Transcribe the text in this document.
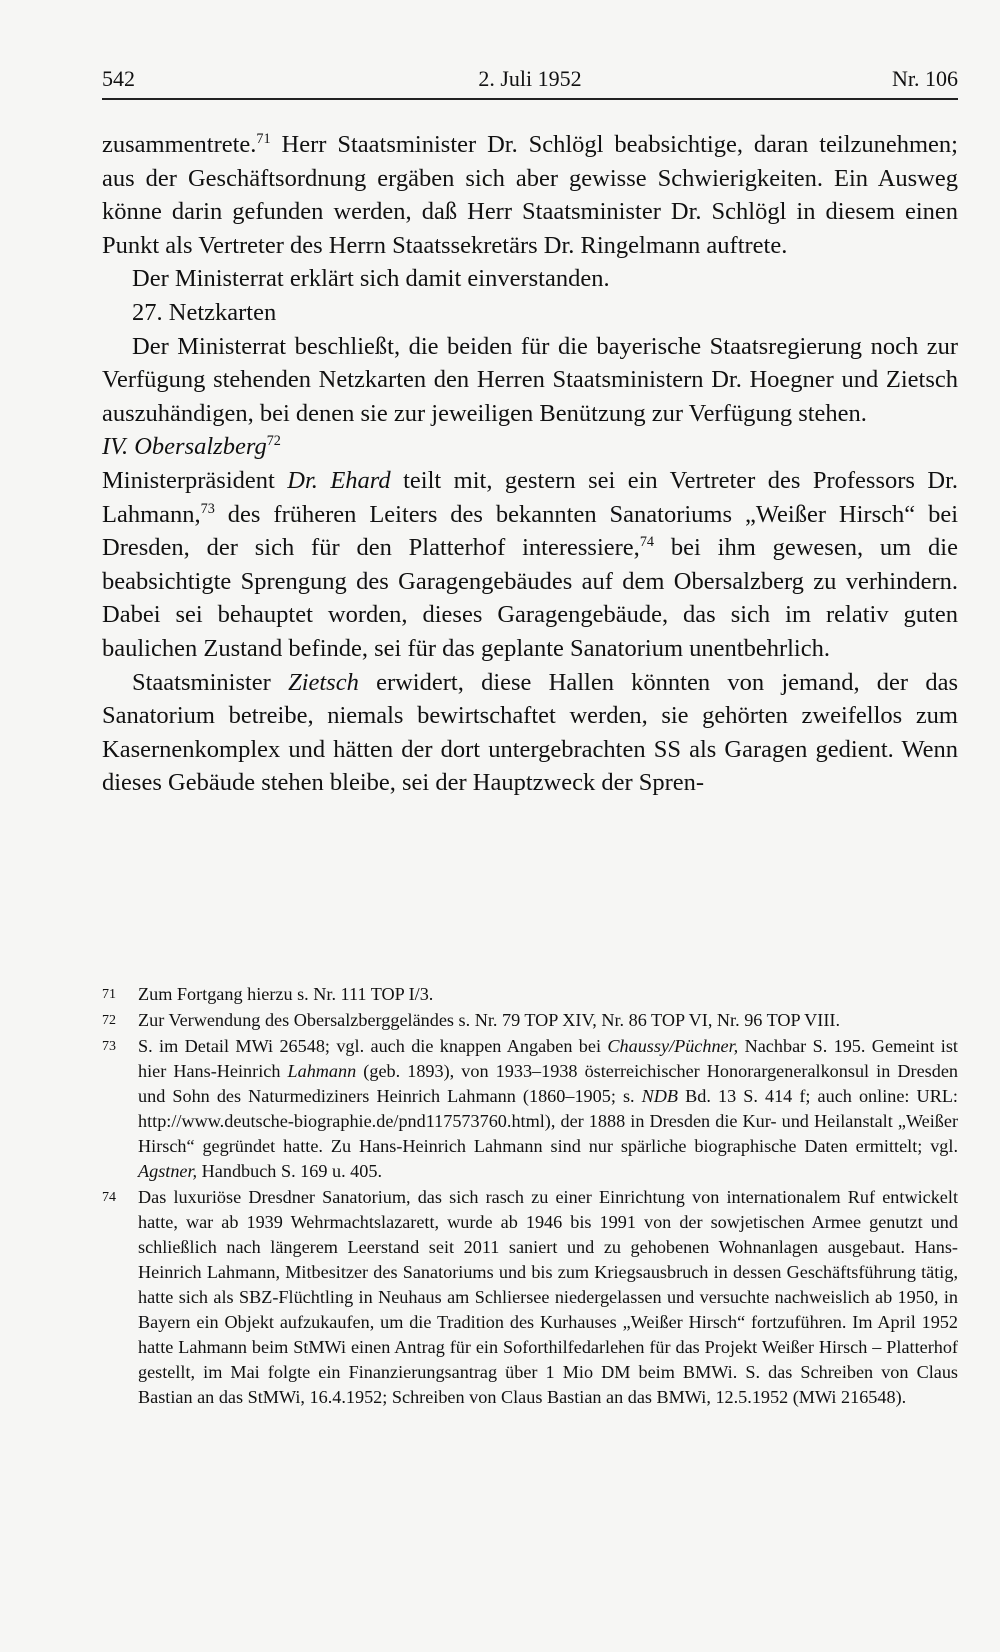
542	2. Juli 1952	Nr. 106

zusammentrete.$^{71}$ Herr Staatsminister Dr. Schlögl beabsichtige, daran teilzunehmen; aus der Geschäftsordnung ergäben sich aber gewisse Schwierigkeiten. Ein Ausweg könne darin gefunden werden, daß Herr Staatsminister Dr. Schlögl in diesem einen Punkt als Vertreter des Herrn Staatssekretärs Dr. Ringelmann auftrete.

Der Ministerrat erklärt sich damit einverstanden.

27. Netzkarten

Der Ministerrat beschließt, die beiden für die bayerische Staatsregierung noch zur Verfügung stehenden Netzkarten den Herren Staatsministern Dr. Hoegner und Zietsch auszuhändigen, bei denen sie zur jeweiligen Benützung zur Verfügung stehen.

IV. Obersalzberg$^{72}$

Ministerpräsident Dr. Ehard teilt mit, gestern sei ein Vertreter des Professors Dr. Lahmann,$^{73}$ des früheren Leiters des bekannten Sanatoriums „Weißer Hirsch“ bei Dresden, der sich für den Platterhof interessiere,$^{74}$ bei ihm gewesen, um die beabsichtigte Sprengung des Garagengebäudes auf dem Obersalzberg zu verhindern. Dabei sei behauptet worden, dieses Garagengebäude, das sich im relativ guten baulichen Zustand befinde, sei für das geplante Sanatorium unentbehrlich.

Staatsminister Zietsch erwidert, diese Hallen könnten von jemand, der das Sanatorium betreibe, niemals bewirtschaftet werden, sie gehörten zweifellos zum Kasernenkomplex und hätten der dort untergebrachten SS als Garagen gedient. Wenn dieses Gebäude stehen bleibe, sei der Hauptzweck der Spren-

71 Zum Fortgang hierzu s. Nr. 111 TOP I/3.
72 Zur Verwendung des Obersalzberggeländes s. Nr. 79 TOP XIV, Nr. 86 TOP VI, Nr. 96 TOP VIII.
73 S. im Detail MWi 26548; vgl. auch die knappen Angaben bei Chaussy/Püchner, Nachbar S. 195. Gemeint ist hier Hans-Heinrich Lahmann (geb. 1893), von 1933–1938 österreichischer Honorargeneralkonsul in Dresden und Sohn des Naturmediziners Heinrich Lahmann (1860–1905; s. NDB Bd. 13 S. 414 f; auch online: URL: http://www.deutsche-biographie.de/pnd117573760.html), der 1888 in Dresden die Kur- und Heilanstalt „Weißer Hirsch“ gegründet hatte. Zu Hans-Heinrich Lahmann sind nur spärliche biographische Daten ermittelt; vgl. Agstner, Handbuch S. 169 u. 405.
74 Das luxuriöse Dresdner Sanatorium, das sich rasch zu einer Einrichtung von internationalem Ruf entwickelt hatte, war ab 1939 Wehrmachtslazarett, wurde ab 1946 bis 1991 von der sowjetischen Armee genutzt und schließlich nach längerem Leerstand seit 2011 saniert und zu gehobenen Wohnanlagen ausgebaut. Hans-Heinrich Lahmann, Mitbesitzer des Sanatoriums und bis zum Kriegsausbruch in dessen Geschäftsführung tätig, hatte sich als SBZ-Flüchtling in Neuhaus am Schliersee niedergelassen und versuchte nachweislich ab 1950, in Bayern ein Objekt aufzukaufen, um die Tradition des Kurhauses „Weißer Hirsch“ fortzuführen. Im April 1952 hatte Lahmann beim StMWi einen Antrag für ein Soforthilfedarlehen für das Projekt Weißer Hirsch – Platterhof gestellt, im Mai folgte ein Finanzierungsantrag über 1 Mio DM beim BMWi. S. das Schreiben von Claus Bastian an das StMWi, 16.4.1952; Schreiben von Claus Bastian an das BMWi, 12.5.1952 (MWi 216548).
